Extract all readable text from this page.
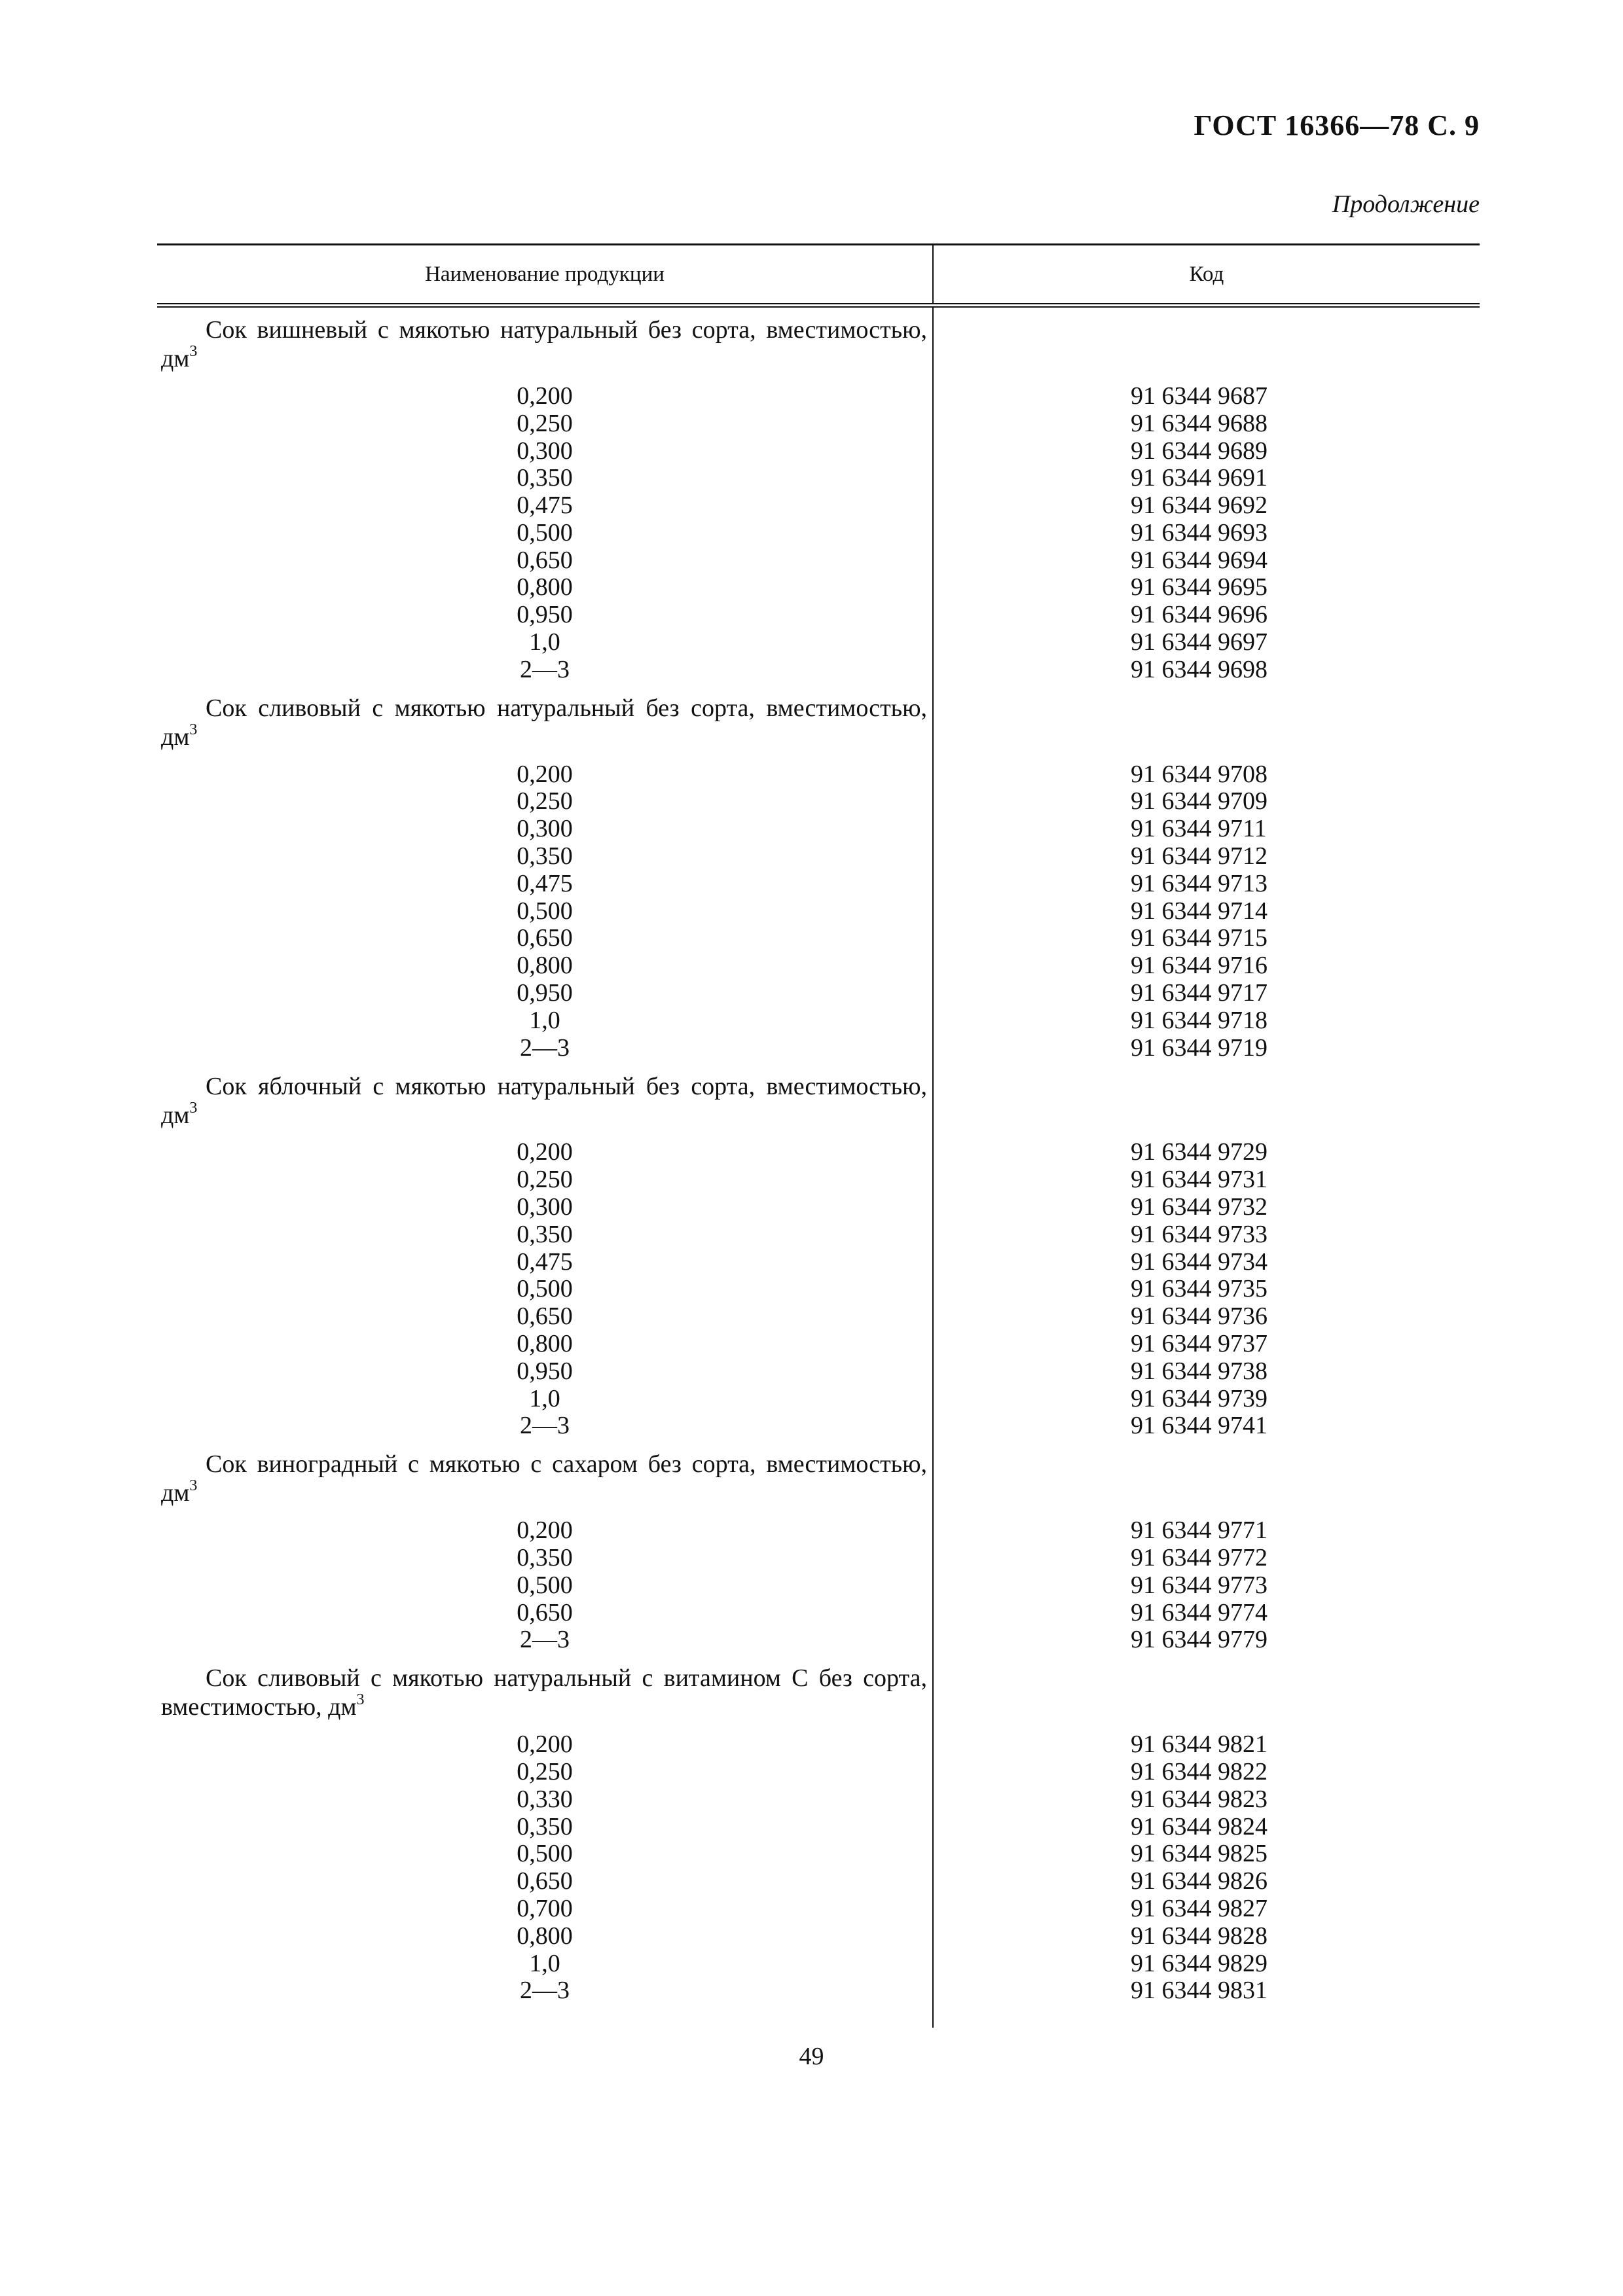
ГОСТ 16366—78 С. 9
Продолжение
Наименование продукции	Код
Сок вишневый с мякотью натуральный без сорта, вместимостью, $дм^3$
0,200	91 6344 9687
0,250	91 6344 9688
0,300	91 6344 9689
0,350	91 6344 9691
0,475	91 6344 9692
0,500	91 6344 9693
0,650	91 6344 9694
0,800	91 6344 9695
0,950	91 6344 9696
1,0	91 6344 9697
2—3	91 6344 9698
Сок сливовый с мякотью натуральный без сорта, вместимостью, $дм^3$
0,200	91 6344 9708
0,250	91 6344 9709
0,300	91 6344 9711
0,350	91 6344 9712
0,475	91 6344 9713
0,500	91 6344 9714
0,650	91 6344 9715
0,800	91 6344 9716
0,950	91 6344 9717
1,0	91 6344 9718
2—3	91 6344 9719
Сок яблочный с мякотью натуральный без сорта, вместимостью, $дм^3$
0,200	91 6344 9729
0,250	91 6344 9731
0,300	91 6344 9732
0,350	91 6344 9733
0,475	91 6344 9734
0,500	91 6344 9735
0,650	91 6344 9736
0,800	91 6344 9737
0,950	91 6344 9738
1,0	91 6344 9739
2—3	91 6344 9741
Сок виноградный с мякотью с сахаром без сорта, вместимостью, $дм^3$
0,200	91 6344 9771
0,350	91 6344 9772
0,500	91 6344 9773
0,650	91 6344 9774
2—3	91 6344 9779
Сок сливовый с мякотью натуральный с витамином С без сорта, вместимостью, $дм^3$
0,200	91 6344 9821
0,250	91 6344 9822
0,330	91 6344 9823
0,350	91 6344 9824
0,500	91 6344 9825
0,650	91 6344 9826
0,700	91 6344 9827
0,800	91 6344 9828
1,0	91 6344 9829
2—3	91 6344 9831
49
